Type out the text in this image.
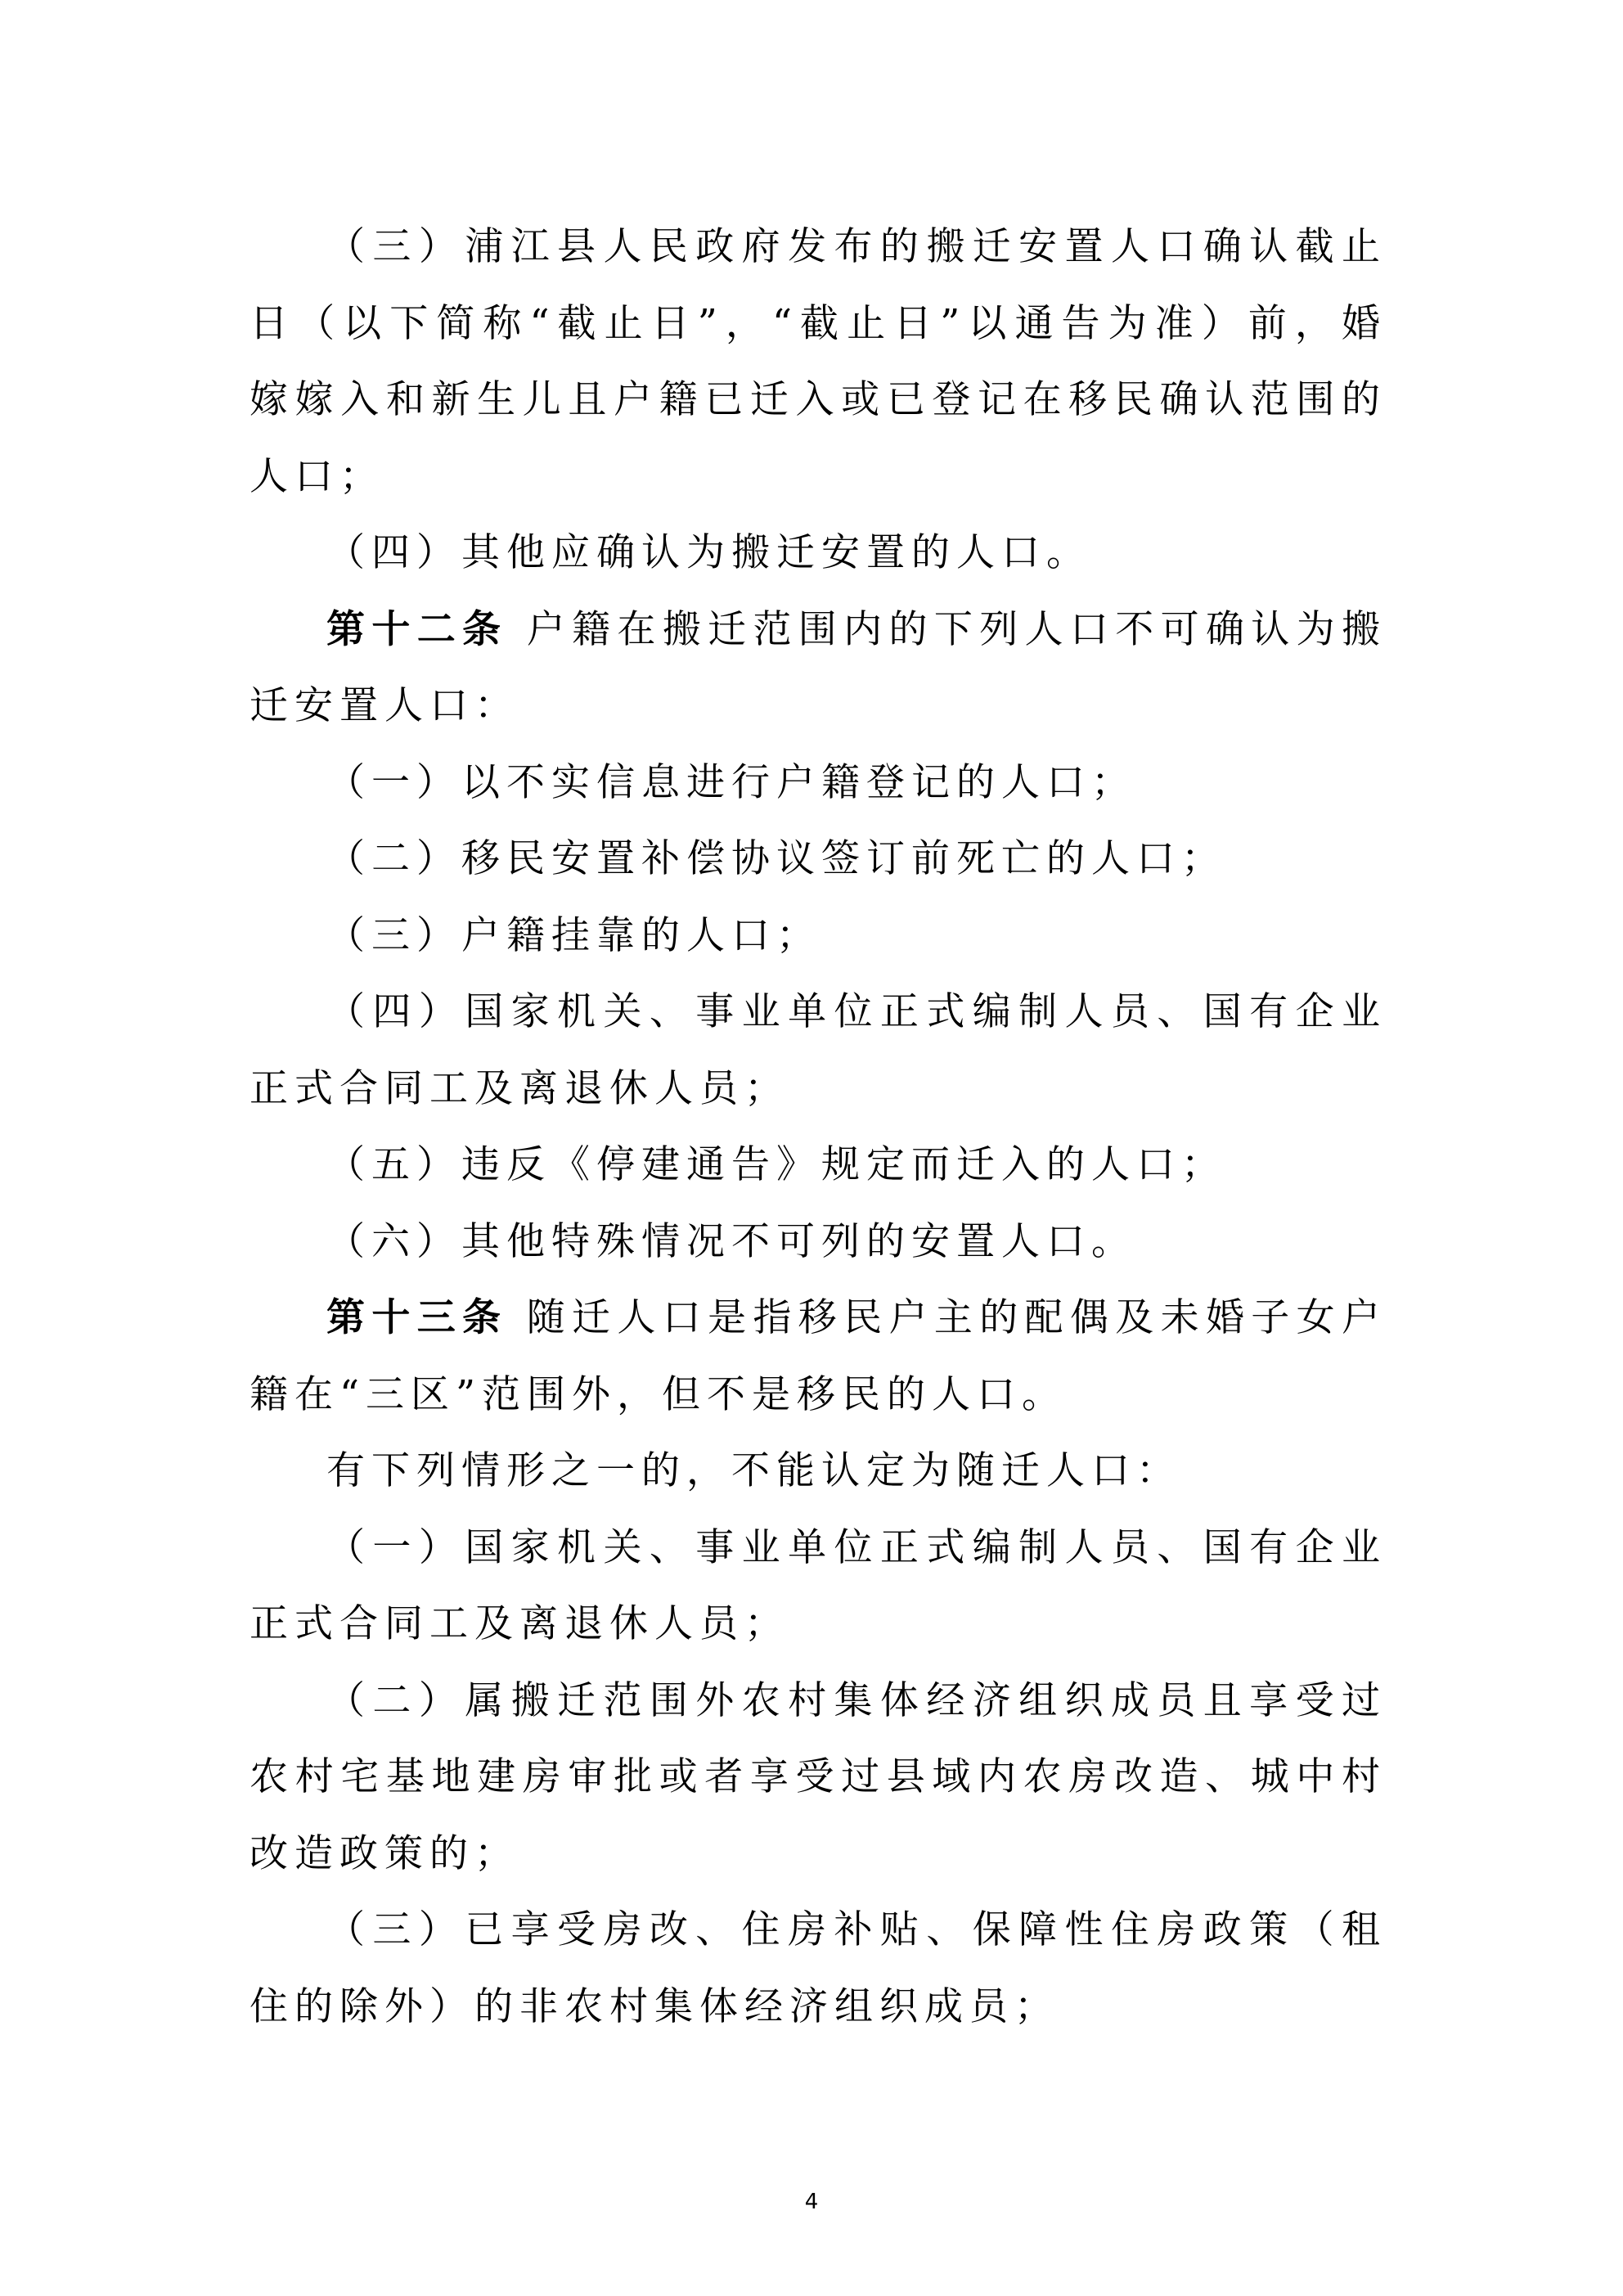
（三）浦江县人民政府发布的搬迁安置人口确认截止日（以下简称“截止日”，“截止日”以通告为准）前，婚嫁嫁入和新生儿且户籍已迁入或已登记在移民确认范围的人口；

（四）其他应确认为搬迁安置的人口。

第十二条 户籍在搬迁范围内的下列人口不可确认为搬迁安置人口：

（一）以不实信息进行户籍登记的人口；

（二）移民安置补偿协议签订前死亡的人口；

（三）户籍挂靠的人口；

（四）国家机关、事业单位正式编制人员、国有企业正式合同工及离退休人员；

（五）违反《停建通告》规定而迁入的人口；

（六）其他特殊情况不可列的安置人口。

第十三条 随迁人口是指移民户主的配偶及未婚子女户籍在“三区”范围外，但不是移民的人口。

有下列情形之一的，不能认定为随迁人口：

（一）国家机关、事业单位正式编制人员、国有企业正式合同工及离退休人员；

（二）属搬迁范围外农村集体经济组织成员且享受过农村宅基地建房审批或者享受过县域内农房改造、城中村改造政策的；

（三）已享受房改、住房补贴、保障性住房政策（租住的除外）的非农村集体经济组织成员；

4
